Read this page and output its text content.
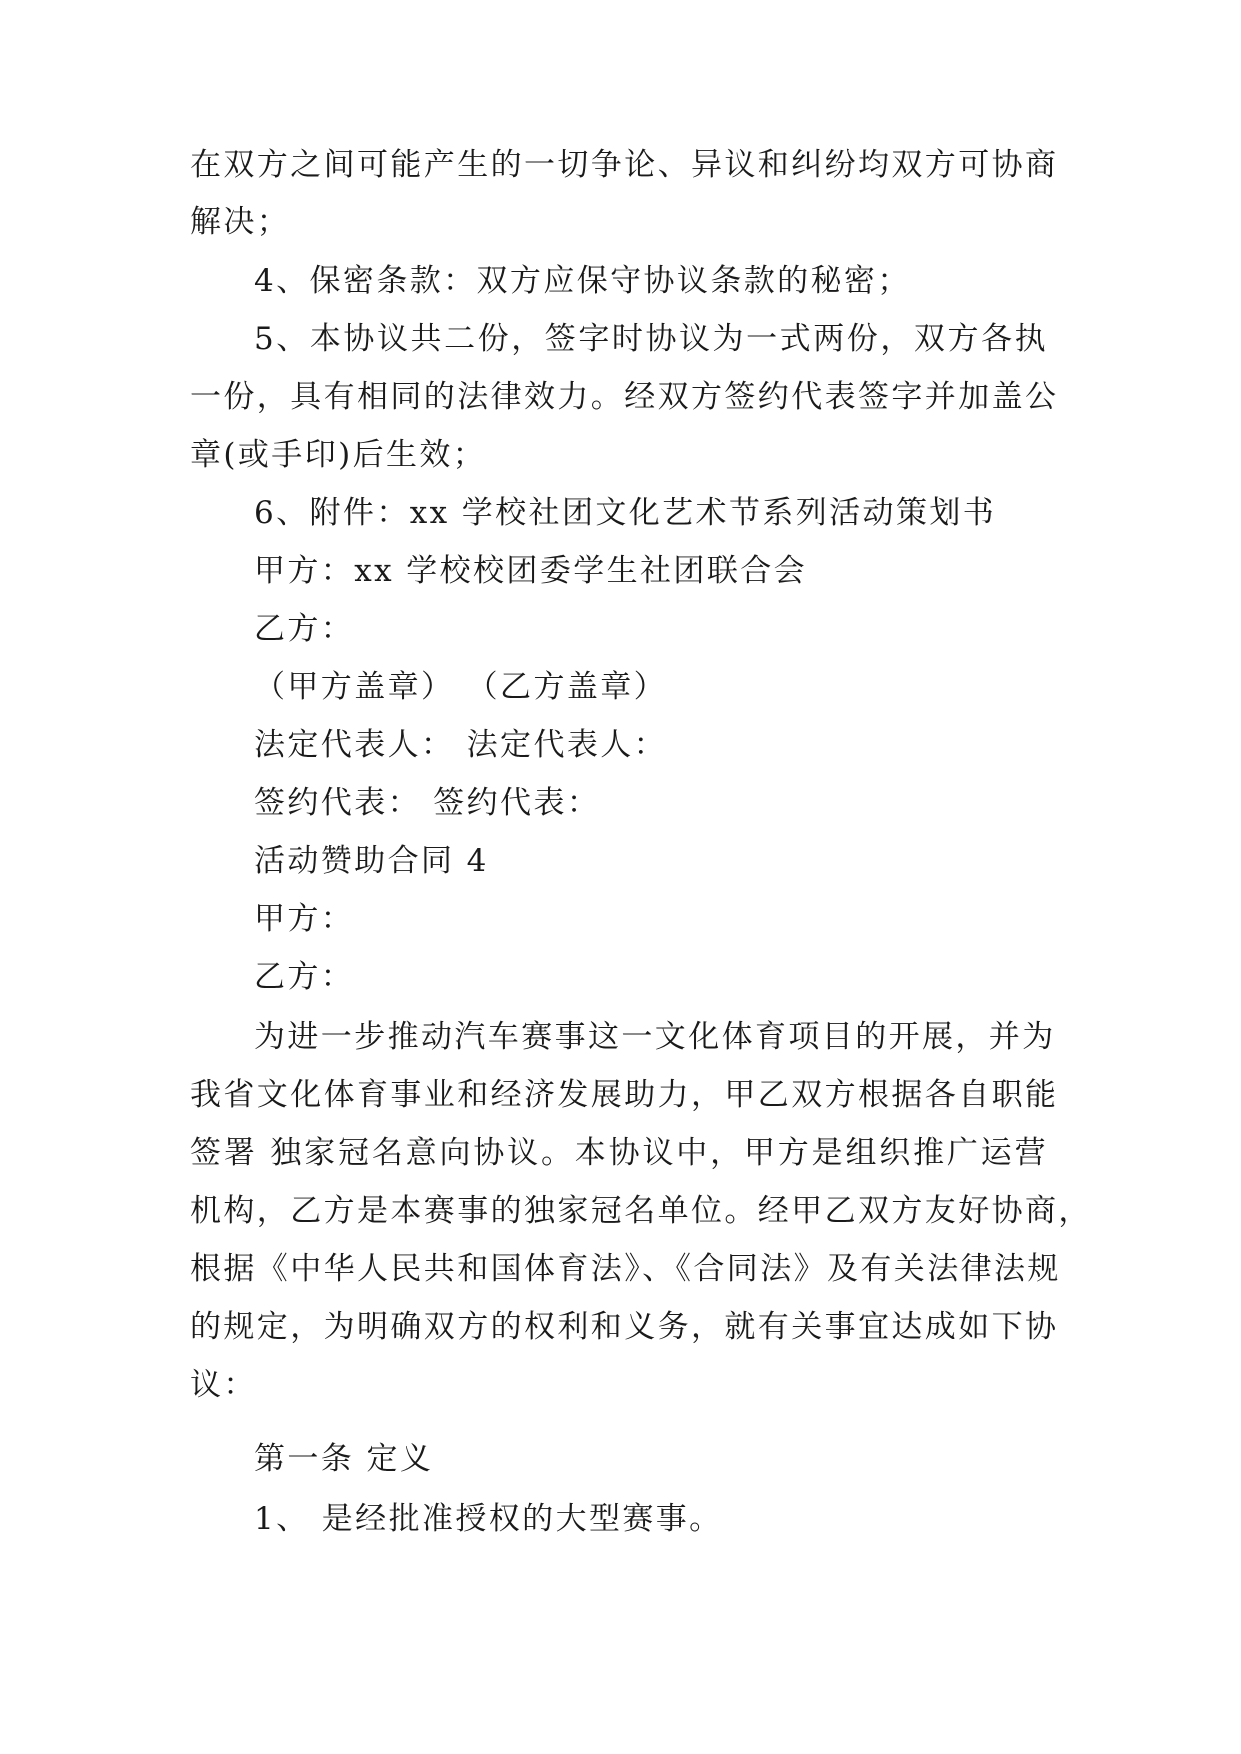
在双方之间可能产生的一切争论、异议和纠纷均双方可协商
解决；
4、保密条款：双方应保守协议条款的秘密；
5、本协议共二份，签字时协议为一式两份，双方各执
一份，具有相同的法律效力。经双方签约代表签字并加盖公
章(或手印)后生效；
6、附件：xx 学校社团文化艺术节系列活动策划书
甲方：xx 学校校团委学生社团联合会
乙方：
（甲方盖章） （乙方盖章）
法定代表人： 法定代表人：
签约代表： 签约代表：
活动赞助合同 4
甲方：
乙方：
为进一步推动汽车赛事这一文化体育项目的开展，并为
我省文化体育事业和经济发展助力，甲乙双方根据各自职能
签署 独家冠名意向协议。本协议中，甲方是组织推广运营
机构，乙方是本赛事的独家冠名单位。经甲乙双方友好协商，
根据《中华人民共和国体育法》、《合同法》及有关法律法规
的规定，为明确双方的权利和义务，就有关事宜达成如下协
议：
第一条 定义
1、 是经批准授权的大型赛事。
